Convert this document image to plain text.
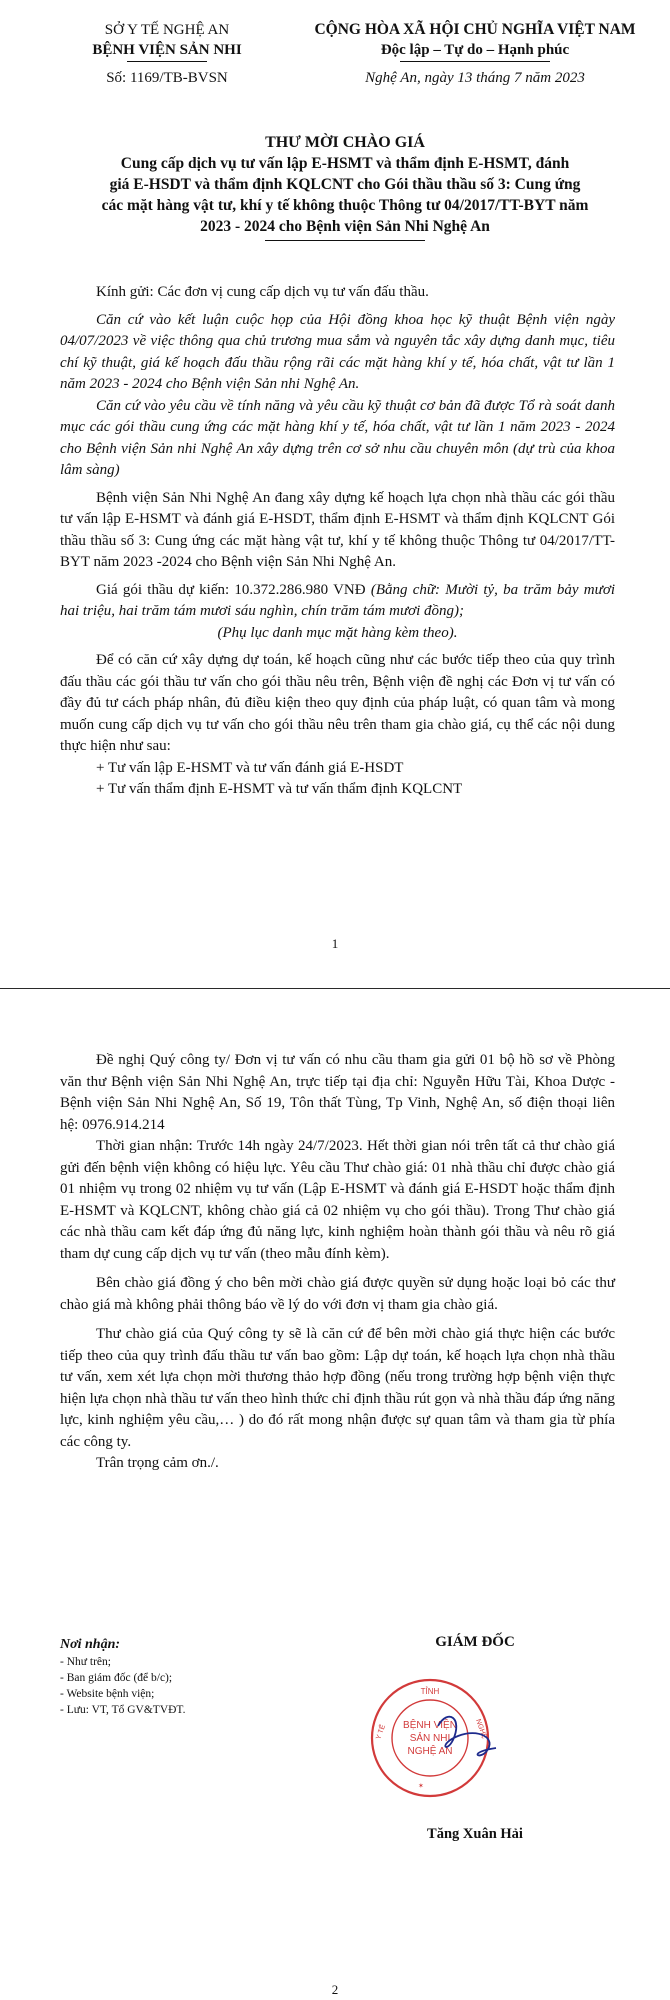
SỞ Y TẾ NGHỆ AN
BỆNH VIỆN SẢN NHI
Số: 1169/TB-BVSN
CỘNG HÒA XÃ HỘI CHỦ NGHĨA VIỆT NAM
Độc lập – Tự do – Hạnh phúc
Nghệ An, ngày 13 tháng 7 năm 2023
THƯ MỜI CHÀO GIÁ
Cung cấp dịch vụ tư vấn lập E-HSMT và thẩm định E-HSMT, đánh
giá E-HSDT và thẩm định KQLCNT cho Gói thầu thầu số 3: Cung ứng
các mặt hàng vật tư, khí y tế không thuộc Thông tư 04/2017/TT-BYT năm
2023 - 2024 cho Bệnh viện Sản Nhi Nghệ An

Kính gửi: Các đơn vị cung cấp dịch vụ tư vấn đấu thầu.

Căn cứ vào kết luận cuộc họp của Hội đồng khoa học kỹ thuật Bệnh viện ngày 04/07/2023 về việc thông qua chủ trương mua sắm và nguyên tắc xây dựng danh mục, tiêu chí kỹ thuật, giá kế hoạch đấu thầu rộng rãi các mặt hàng khí y tế, hóa chất, vật tư lần 1 năm 2023 - 2024 cho Bệnh viện Sản nhi Nghệ An.

Căn cứ vào yêu cầu về tính năng và yêu cầu kỹ thuật cơ bản đã được Tổ rà soát danh mục các gói thầu cung ứng các mặt hàng khí y tế, hóa chất, vật tư lần 1 năm 2023 - 2024 cho Bệnh viện Sản nhi Nghệ An xây dựng trên cơ sở nhu cầu chuyên môn (dự trù của khoa lâm sàng)

Bệnh viện Sản Nhi Nghệ An đang xây dựng kế hoạch lựa chọn nhà thầu các gói thầu tư vấn lập E-HSMT và đánh giá E-HSDT, thẩm định E-HSMT và thẩm định KQLCNT Gói thầu thầu số 3: Cung ứng các mặt hàng vật tư, khí y tế không thuộc Thông tư 04/2017/TT-BYT năm 2023 -2024 cho Bệnh viện Sản Nhi Nghệ An.

Giá gói thầu dự kiến: 10.372.286.980 VNĐ (Bằng chữ: Mười tỷ, ba trăm bảy mươi hai triệu, hai trăm tám mươi sáu nghìn, chín trăm tám mươi đồng);

(Phụ lục danh mục mặt hàng kèm theo).

Để có căn cứ xây dựng dự toán, kế hoạch cũng như các bước tiếp theo của quy trình đấu thầu các gói thầu tư vấn cho gói thầu nêu trên, Bệnh viện đề nghị các Đơn vị tư vấn có đầy đủ tư cách pháp nhân, đủ điều kiện theo quy định của pháp luật, có quan tâm và mong muốn cung cấp dịch vụ tư vấn cho gói thầu nêu trên tham gia chào giá, cụ thể các nội dung thực hiện như sau:

+ Tư vấn lập E-HSMT và tư vấn đánh giá E-HSDT

+ Tư vấn thẩm định E-HSMT và tư vấn thẩm định KQLCNT

1

Đề nghị Quý công ty/ Đơn vị tư vấn có nhu cầu tham gia gửi 01 bộ hồ sơ về Phòng văn thư Bệnh viện Sản Nhi Nghệ An, trực tiếp tại địa chỉ: Nguyễn Hữu Tài, Khoa Dược - Bệnh viện Sản Nhi Nghệ An, Số 19, Tôn thất Tùng, Tp Vinh, Nghệ An, số điện thoại liên hệ: 0976.914.214

Thời gian nhận: Trước 14h ngày 24/7/2023. Hết thời gian nói trên tất cả thư chào giá gửi đến bệnh viện không có hiệu lực. Yêu cầu Thư chào giá: 01 nhà thầu chỉ được chào giá 01 nhiệm vụ trong 02 nhiệm vụ tư vấn (Lập E-HSMT và đánh giá E-HSDT hoặc thẩm định E-HSMT và KQLCNT, không chào giá cả 02 nhiệm vụ cho gói thầu). Trong Thư chào giá các nhà thầu cam kết đáp ứng đủ năng lực, kinh nghiệm hoàn thành gói thầu và nêu rõ giá tham dự cung cấp dịch vụ tư vấn (theo mẫu đính kèm).

Bên chào giá đồng ý cho bên mời chào giá được quyền sử dụng hoặc loại bỏ các thư chào giá mà không phải thông báo về lý do với đơn vị tham gia chào giá.

Thư chào giá của Quý công ty sẽ là căn cứ để bên mời chào giá thực hiện các bước tiếp theo của quy trình đấu thầu tư vấn bao gồm: Lập dự toán, kế hoạch lựa chọn nhà thầu tư vấn, xem xét lựa chọn mời thương thảo hợp đồng (nếu trong trường hợp bệnh viện thực hiện lựa chọn nhà thầu tư vấn theo hình thức chỉ định thầu rút gọn và nhà thầu đáp ứng năng lực, kinh nghiệm yêu cầu,… ) do đó rất mong nhận được sự quan tâm và tham gia từ phía các công ty.

Trân trọng cảm ơn./.

Nơi nhận:
- Như trên;
- Ban giám đốc (để b/c);
- Website bệnh viện;
- Lưu: VT, Tổ GV&TVĐT.
GIÁM ĐỐC
TỈNH
BỆNH VIỆN
SẢN NHI
NGHỆ AN
Y TẾ	NGHỆ
✶
Tăng Xuân Hải
2
